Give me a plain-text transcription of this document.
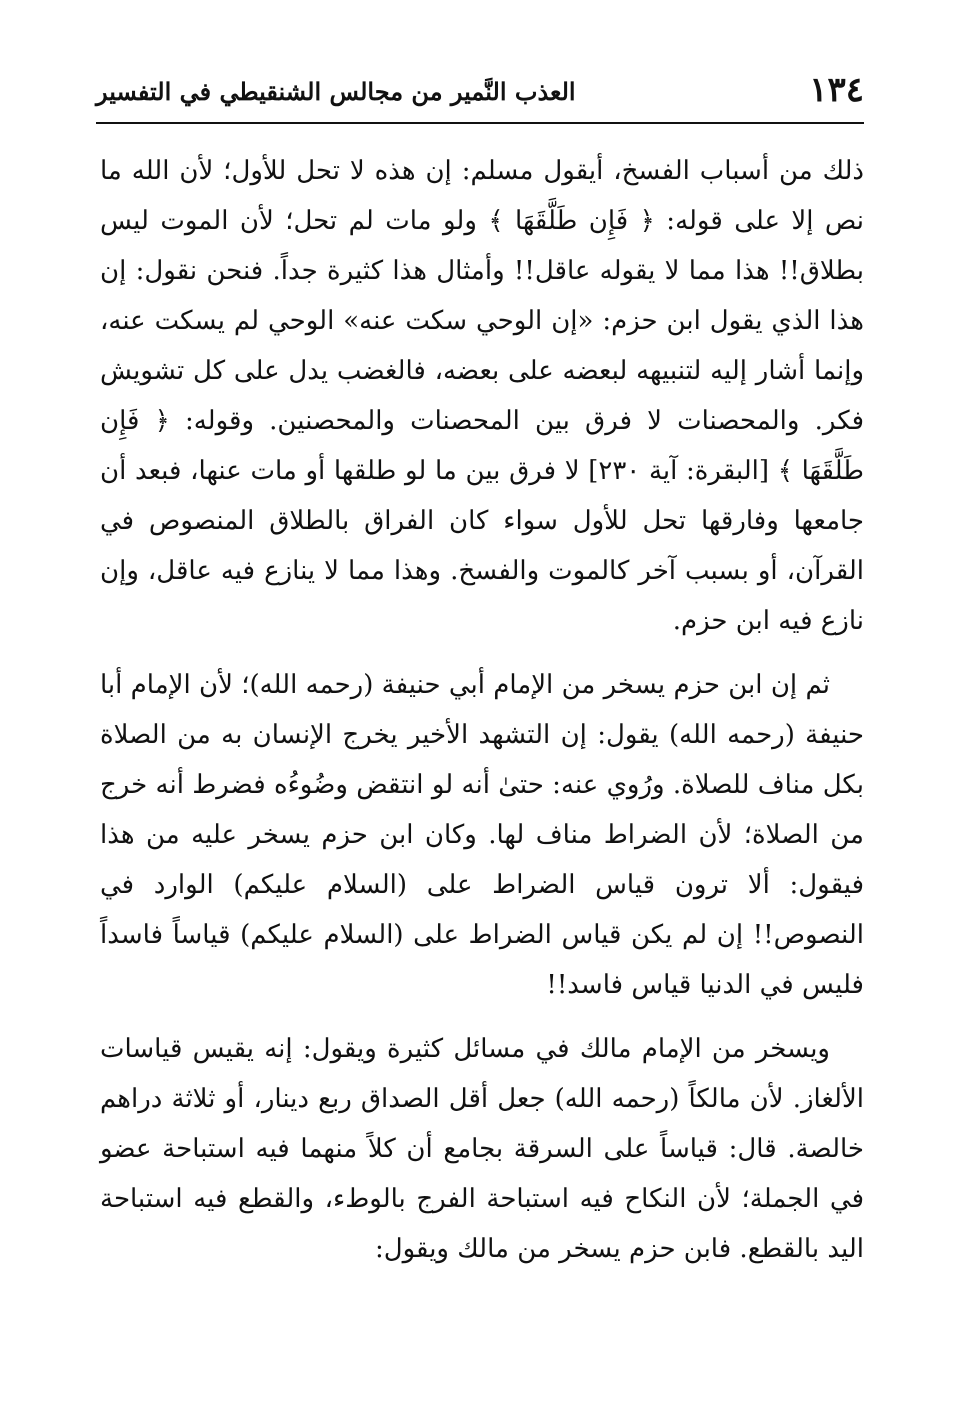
١٣٤
العذب النَّمير من مجالس الشنقيطي في التفسير

ذلك من أسباب الفسخ، أيقول مسلم: إن هذه لا تحل للأول؛ لأن الله ما نص إلا على قوله: ﴿ فَإِن طَلَّقَهَا ﴾ ولو مات لم تحل؛ لأن الموت ليس بطلاق!! هذا مما لا يقوله عاقل!! وأمثال هذا كثيرة جداً. فنحن نقول: إن هذا الذي يقول ابن حزم: «إن الوحي سكت عنه» الوحي لم يسكت عنه، وإنما أشار إليه لتنبيهه لبعضه على بعضه، فالغضب يدل على كل تشويش فكر. والمحصنات لا فرق بين المحصنات والمحصنين. وقوله: ﴿ فَإِن طَلَّقَهَا ﴾ [البقرة: آية ٢٣٠] لا فرق بين ما لو طلقها أو مات عنها، فبعد أن جامعها وفارقها تحل للأول سواء كان الفراق بالطلاق المنصوص في القرآن، أو بسبب آخر كالموت والفسخ. وهذا مما لا ينازع فيه عاقل، وإن نازع فيه ابن حزم.

ثم إن ابن حزم يسخر من الإمام أبي حنيفة (رحمه الله)؛ لأن الإمام أبا حنيفة (رحمه الله) يقول: إن التشهد الأخير يخرج الإنسان به من الصلاة بكل مناف للصلاة. ورُوي عنه: حتىٰ أنه لو انتقض وضُوءُه فضرط أنه خرج من الصلاة؛ لأن الضراط مناف لها. وكان ابن حزم يسخر عليه من هذا فيقول: ألا ترون قياس الضراط على (السلام عليكم) الوارد في النصوص!! إن لم يكن قياس الضراط على (السلام عليكم) قياساً فاسداً فليس في الدنيا قياس فاسد!!

ويسخر من الإمام مالك في مسائل كثيرة ويقول: إنه يقيس قياسات الألغاز. لأن مالكاً (رحمه الله) جعل أقل الصداق ربع دينار، أو ثلاثة دراهم خالصة. قال: قياساً على السرقة بجامع أن كلاً منهما فيه استباحة عضو في الجملة؛ لأن النكاح فيه استباحة الفرج بالوطء، والقطع فيه استباحة اليد بالقطع. فابن حزم يسخر من مالك ويقول:
